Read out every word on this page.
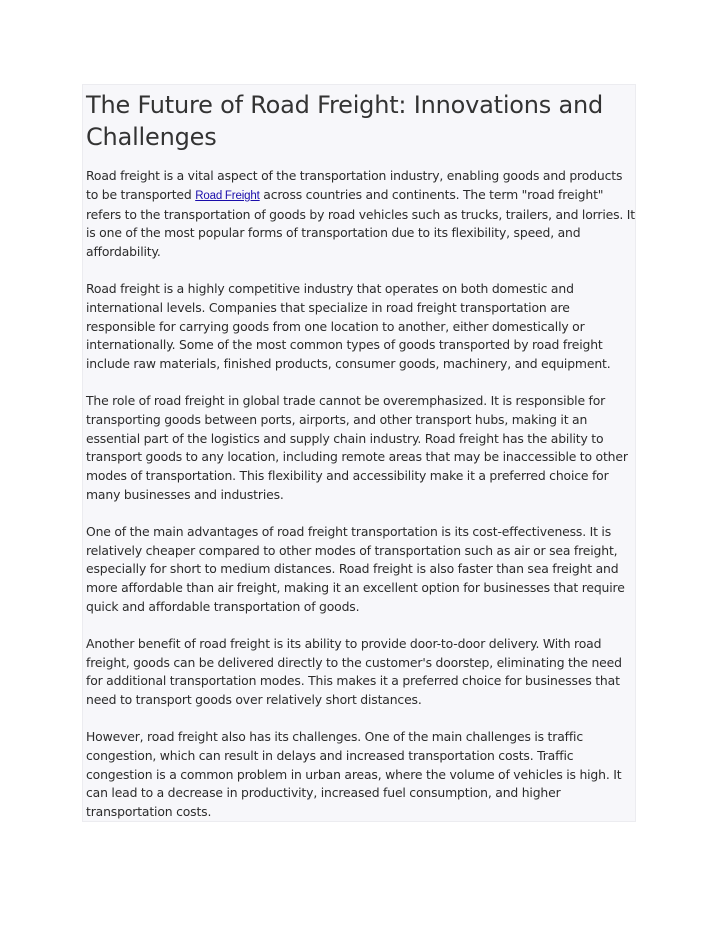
The Future of Road Freight: Innovations and Challenges

Road freight is a vital aspect of the transportation industry, enabling goods and products to be transported Road Freight across countries and continents. The term "road freight" refers to the transportation of goods by road vehicles such as trucks, trailers, and lorries. It is one of the most popular forms of transportation due to its flexibility, speed, and affordability.

Road freight is a highly competitive industry that operates on both domestic and international levels. Companies that specialize in road freight transportation are responsible for carrying goods from one location to another, either domestically or internationally. Some of the most common types of goods transported by road freight include raw materials, finished products, consumer goods, machinery, and equipment.

The role of road freight in global trade cannot be overemphasized. It is responsible for transporting goods between ports, airports, and other transport hubs, making it an essential part of the logistics and supply chain industry. Road freight has the ability to transport goods to any location, including remote areas that may be inaccessible to other modes of transportation. This flexibility and accessibility make it a preferred choice for many businesses and industries.

One of the main advantages of road freight transportation is its cost-effectiveness. It is relatively cheaper compared to other modes of transportation such as air or sea freight, especially for short to medium distances. Road freight is also faster than sea freight and more affordable than air freight, making it an excellent option for businesses that require quick and affordable transportation of goods.

Another benefit of road freight is its ability to provide door-to-door delivery. With road freight, goods can be delivered directly to the customer's doorstep, eliminating the need for additional transportation modes. This makes it a preferred choice for businesses that need to transport goods over relatively short distances.

However, road freight also has its challenges. One of the main challenges is traffic congestion, which can result in delays and increased transportation costs. Traffic congestion is a common problem in urban areas, where the volume of vehicles is high. It can lead to a decrease in productivity, increased fuel consumption, and higher transportation costs.
